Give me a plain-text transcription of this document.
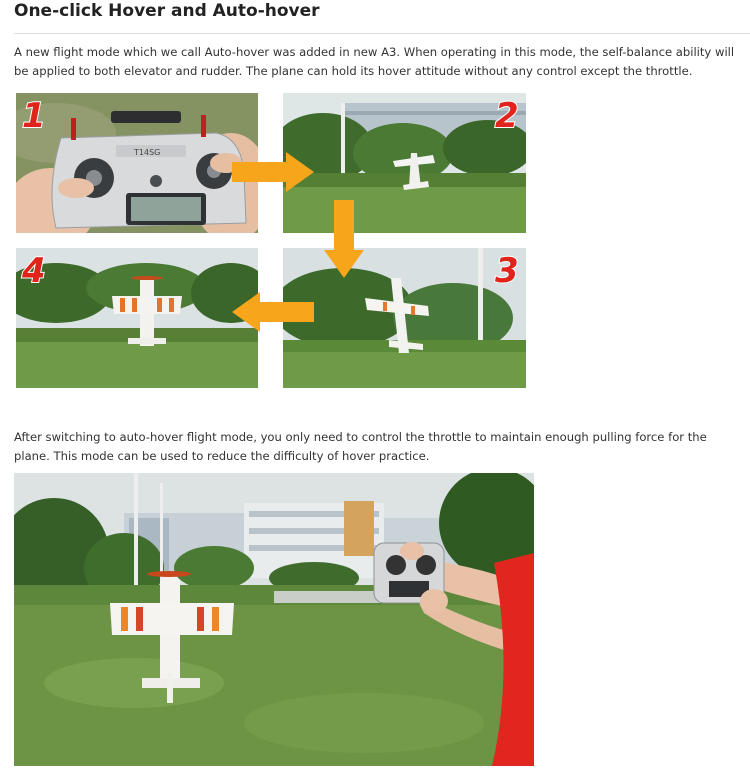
One-click Hover and Auto-hover
A new flight mode which we call Auto-hover was added in new A3. When operating in this mode, the self-balance ability will be applied to both elevator and rudder. The plane can hold its hover attitude without any control except the throttle.
T14SG
1	2
3
4
After switching to auto-hover flight mode, you only need to control the throttle to maintain enough pulling force for the plane. This mode can be used to reduce the difficulty of hover practice.
